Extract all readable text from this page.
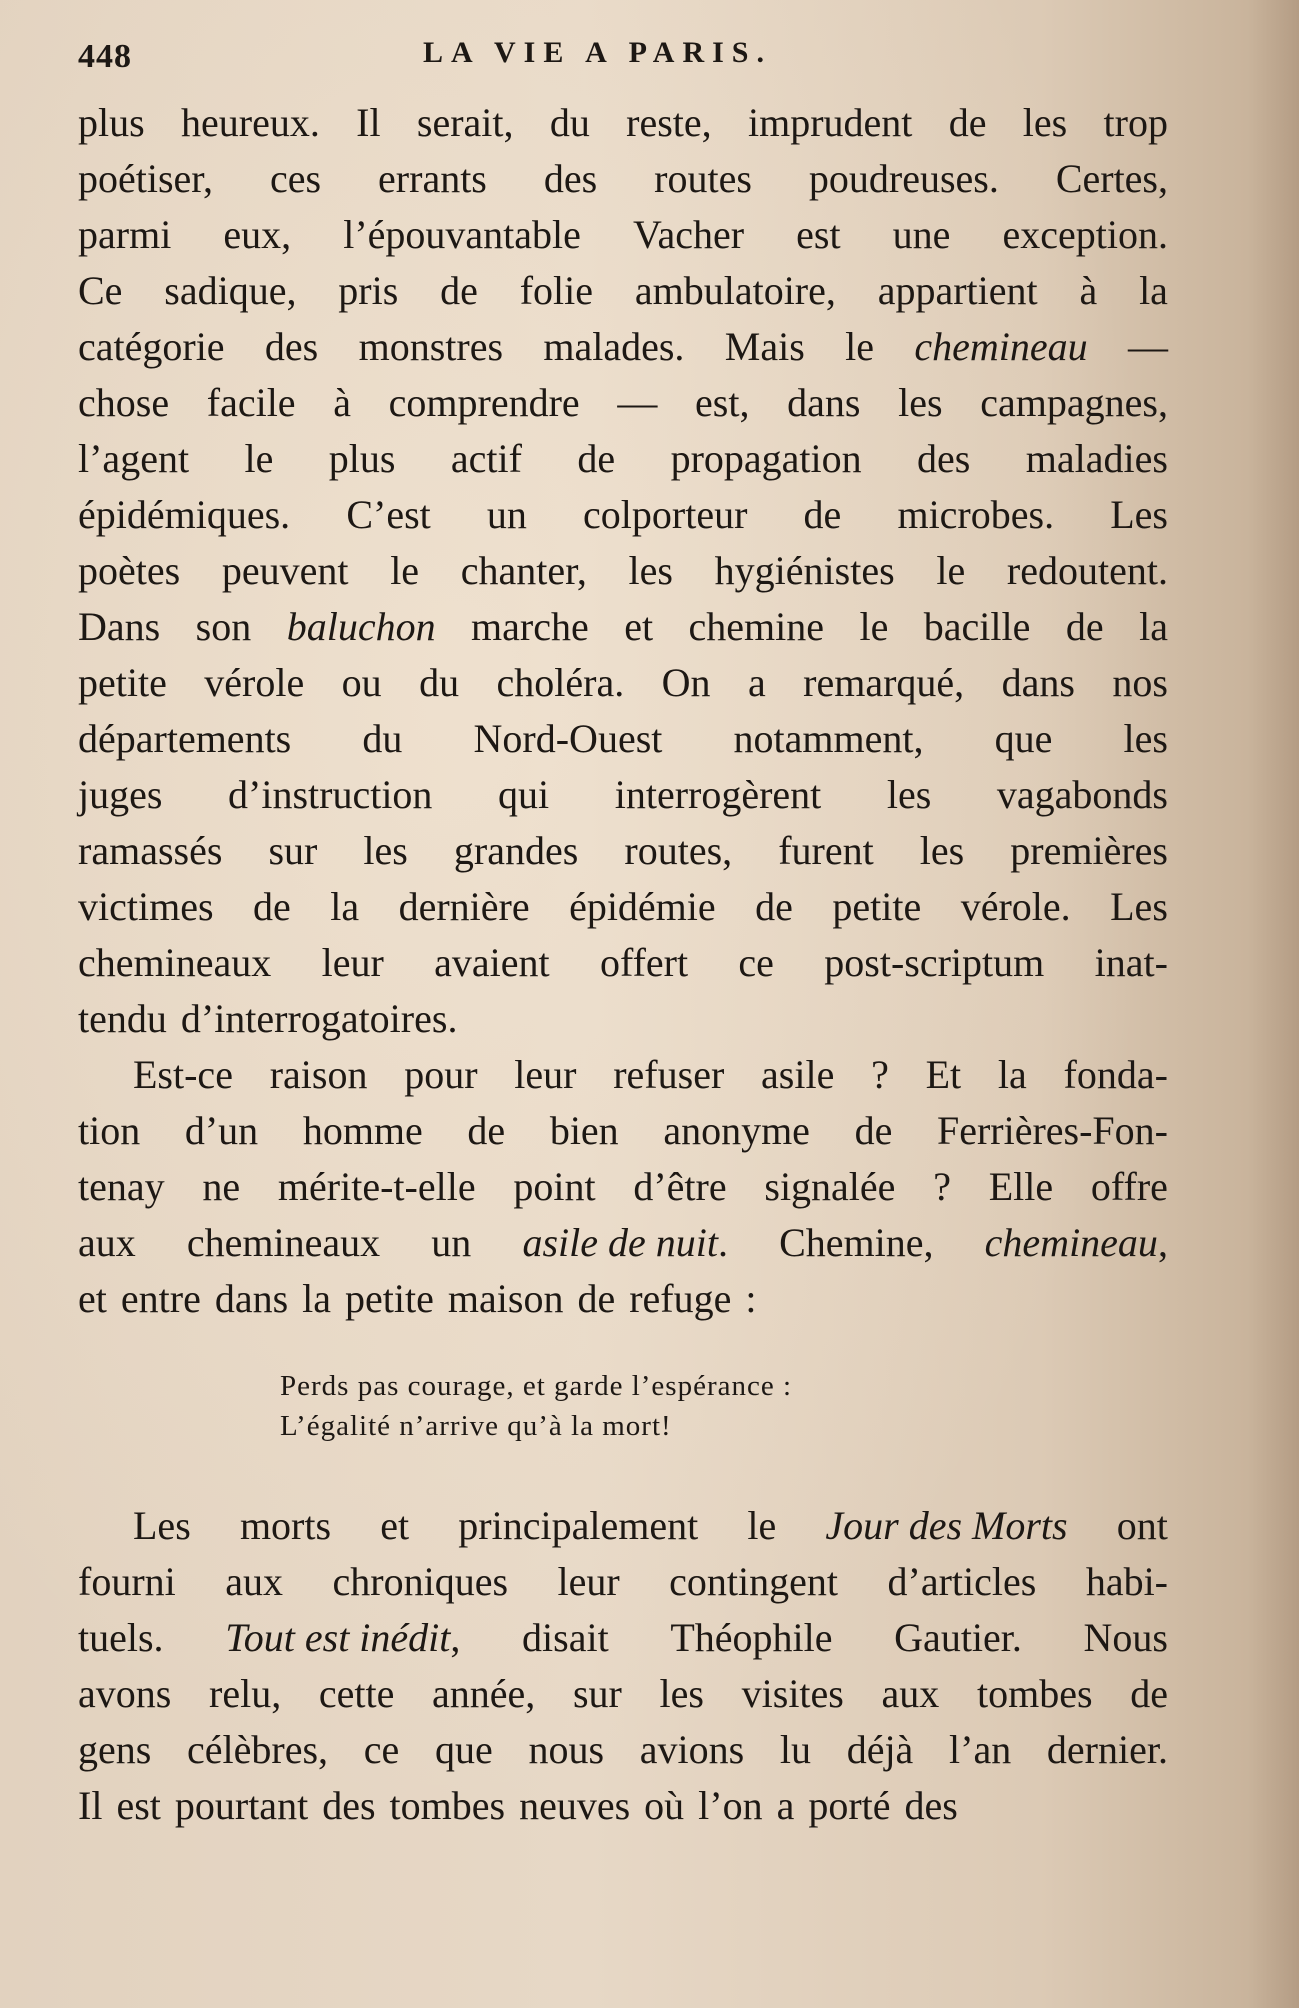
448	LA VIE A PARIS.
plus heureux. Il serait, du reste, imprudent de les trop
poétiser, ces errants des routes poudreuses. Certes,
parmi eux, l’épouvantable Vacher est une exception.
Ce sadique, pris de folie ambulatoire, appartient à la
catégorie des monstres malades. Mais le chemineau —
chose facile à comprendre — est, dans les campagnes,
l’agent le plus actif de propagation des maladies
épidémiques. C’est un colporteur de microbes. Les
poètes peuvent le chanter, les hygiénistes le redoutent.
Dans son baluchon marche et chemine le bacille de la
petite vérole ou du choléra. On a remarqué, dans nos
départements du Nord-Ouest notamment, que les
juges d’instruction qui interrogèrent les vagabonds
ramassés sur les grandes routes, furent les premières
victimes de la dernière épidémie de petite vérole. Les
chemineaux leur avaient offert ce post-scriptum inat-
tendu d’interrogatoires.
Est-ce raison pour leur refuser asile ? Et la fonda-
tion d’un homme de bien anonyme de Ferrières-Fon-
tenay ne mérite-t-elle point d’être signalée ? Elle offre
aux chemineaux un asile de nuit. Chemine, chemineau,
et entre dans la petite maison de refuge :
Perds pas courage, et garde l’espérance :
L’égalité n’arrive qu’à la mort!
Les morts et principalement le Jour des Morts ont
fourni aux chroniques leur contingent d’articles habi-
tuels. Tout est inédit, disait Théophile Gautier. Nous
avons relu, cette année, sur les visites aux tombes de
gens célèbres, ce que nous avions lu déjà l’an dernier.
Il est pourtant des tombes neuves où l’on a porté des
